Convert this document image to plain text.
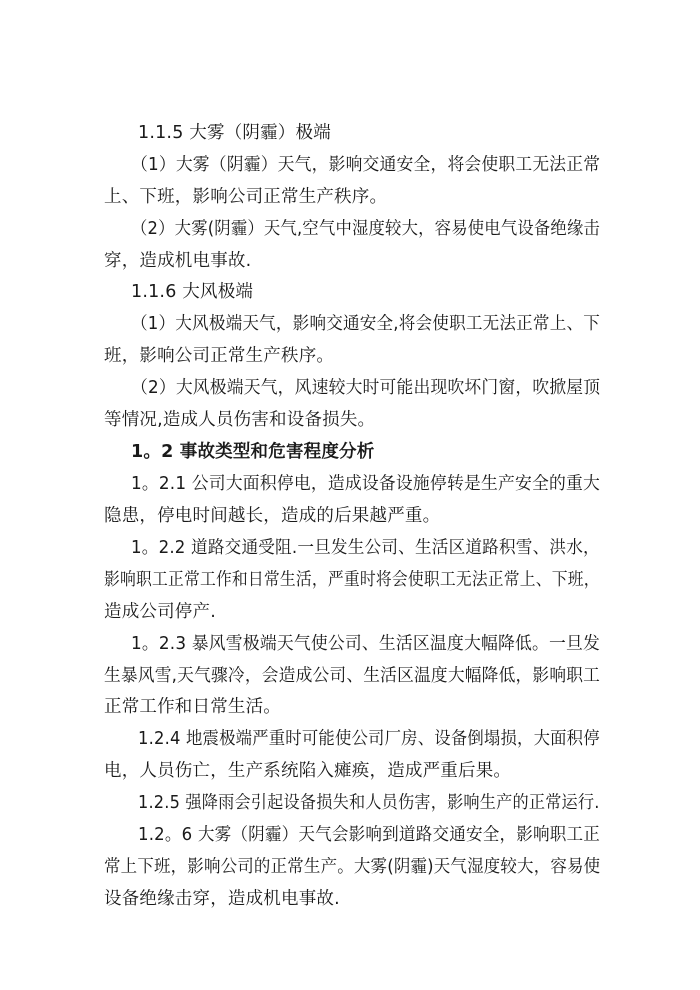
1.1.5 大雾（阴霾）极端
（1）大雾（阴霾）天气，影响交通安全，将会使职工无法正常
上、下班，影响公司正常生产秩序。
（2）大雾(阴霾）天气,空气中湿度较大，容易使电气设备绝缘击
穿，造成机电事故.
1.1.6 大风极端
（1）大风极端天气，影响交通安全,将会使职工无法正常上、下
班，影响公司正常生产秩序。
（2）大风极端天气，风速较大时可能出现吹坏门窗，吹掀屋顶
等情况,造成人员伤害和设备损失。
1。2 事故类型和危害程度分析
1。2.1 公司大面积停电，造成设备设施停转是生产安全的重大
隐患，停电时间越长，造成的后果越严重。
1。2.2 道路交通受阻.一旦发生公司、生活区道路积雪、洪水，
影响职工正常工作和日常生活，严重时将会使职工无法正常上、下班，
造成公司停产.
1。2.3 暴风雪极端天气使公司、生活区温度大幅降低。一旦发
生暴风雪,天气骤冷，会造成公司、生活区温度大幅降低，影响职工
正常工作和日常生活。
1.2.4 地震极端严重时可能使公司厂房、设备倒塌损，大面积停
电，人员伤亡，生产系统陷入瘫痪，造成严重后果。
1.2.5 强降雨会引起设备损失和人员伤害，影响生产的正常运行.
1.2。6 大雾（阴霾）天气会影响到道路交通安全，影响职工正
常上下班，影响公司的正常生产。大雾(阴霾)天气湿度较大，容易使
设备绝缘击穿，造成机电事故.
